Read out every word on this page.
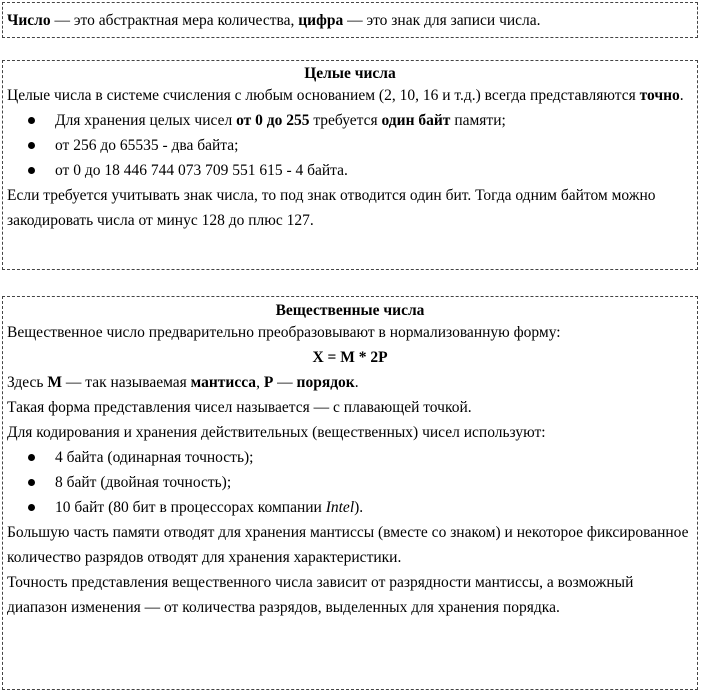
Число — это абстрактная мера количества, цифра — это знак для записи числа.

Целые числа

Целые числа в системе счисления с любым основанием (2, 10, 16 и т.д.) всегда представляются точно.

Для хранения целых чисел от 0 до 255 требуется один байт памяти;
от 256 до 65535 - два байта;
от 0 до 18 446 744 073 709 551 615 - 4 байта.

Если требуется учитывать знак числа, то под знак отводится один бит. Тогда одним байтом можно закодировать числа от минус 128 до плюс 127.

Вещественные числа

Вещественное число предварительно преобразовывают в нормализованную форму:

X = M * 2P

Здесь M — так называемая мантисса, P — порядок.

Такая форма представления чисел называется — с плавающей точкой.

Для кодирования и хранения действительных (вещественных) чисел используют:

4 байта (одинарная точность);
8 байт (двойная точность);
10 байт (80 бит в процессорах компании Intel).

Большую часть памяти отводят для хранения мантиссы (вместе со знаком) и некоторое фиксированное количество разрядов отводят для хранения характеристики.

Точность представления вещественного числа зависит от разрядности мантиссы, а возможный диапазон изменения — от количества разрядов, выделенных для хранения порядка.
